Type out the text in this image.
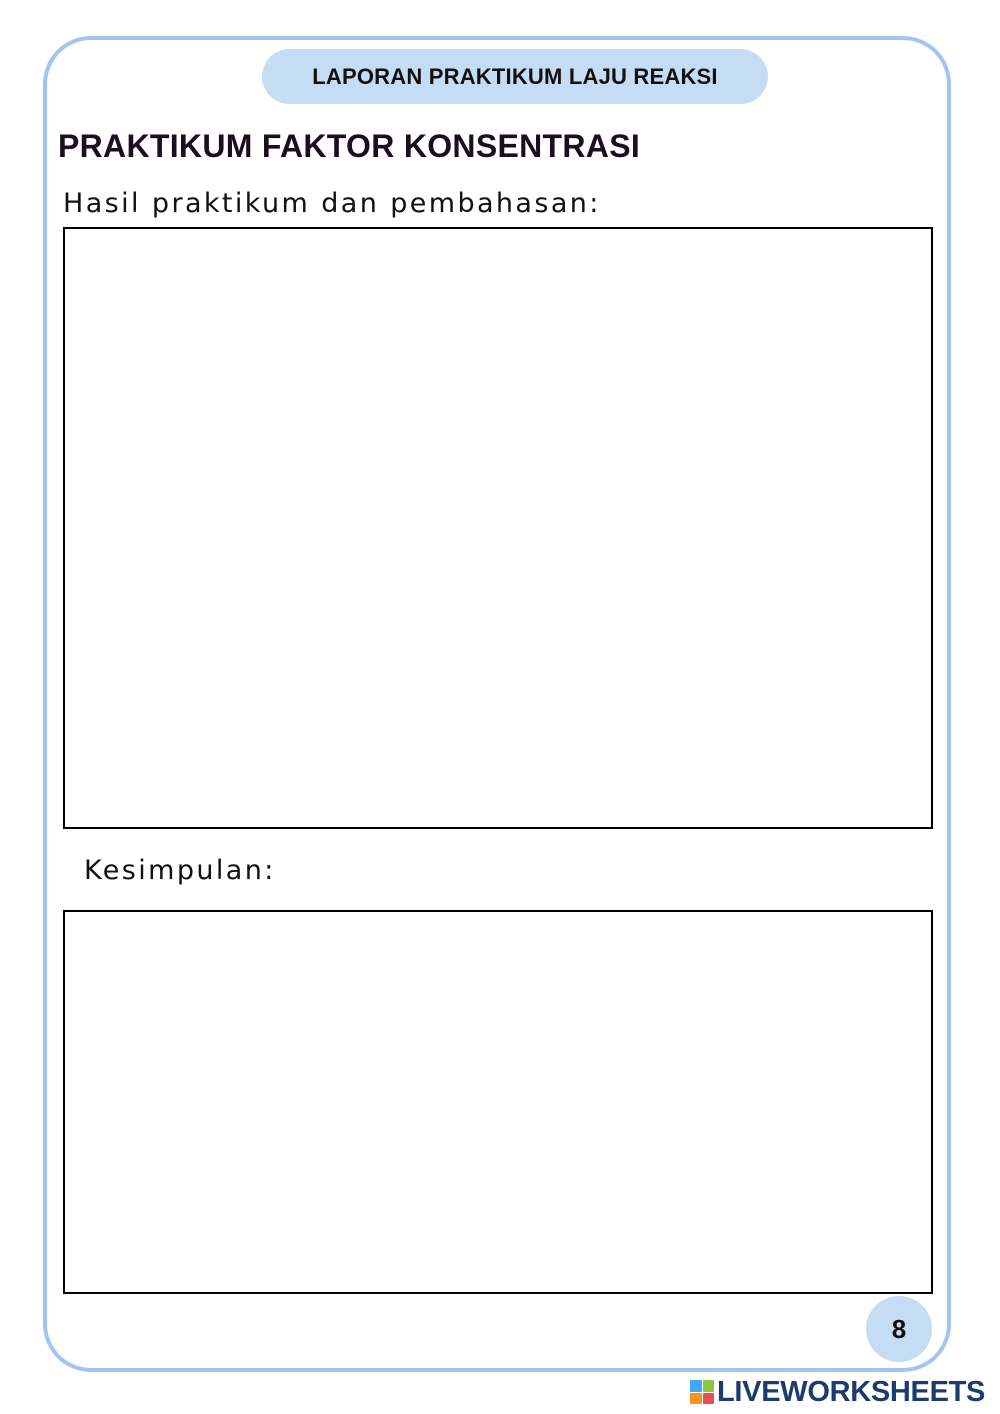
LAPORAN PRAKTIKUM LAJU REAKSI
PRAKTIKUM FAKTOR KONSENTRASI
Hasil praktikum dan pembahasan:
Kesimpulan:
8
LIVEWORKSHEETS
